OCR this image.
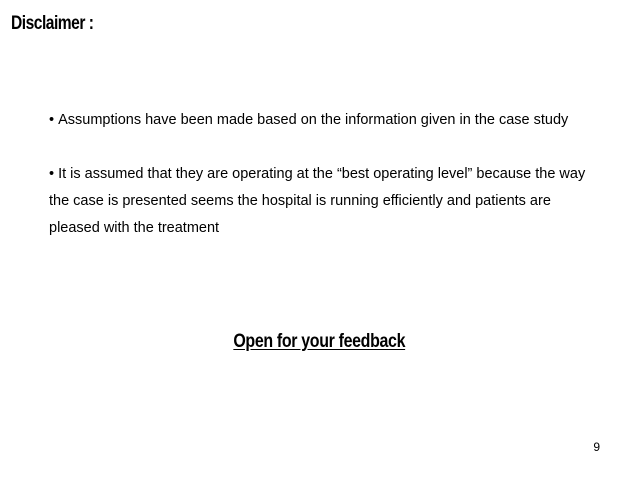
Disclaimer :

• Assumptions have been made based on the information given in the case study

• It is assumed that they are operating at the “best operating level” because the way the case is presented seems the hospital is running efficiently and patients are pleased with the treatment

Open for your feedback
9
